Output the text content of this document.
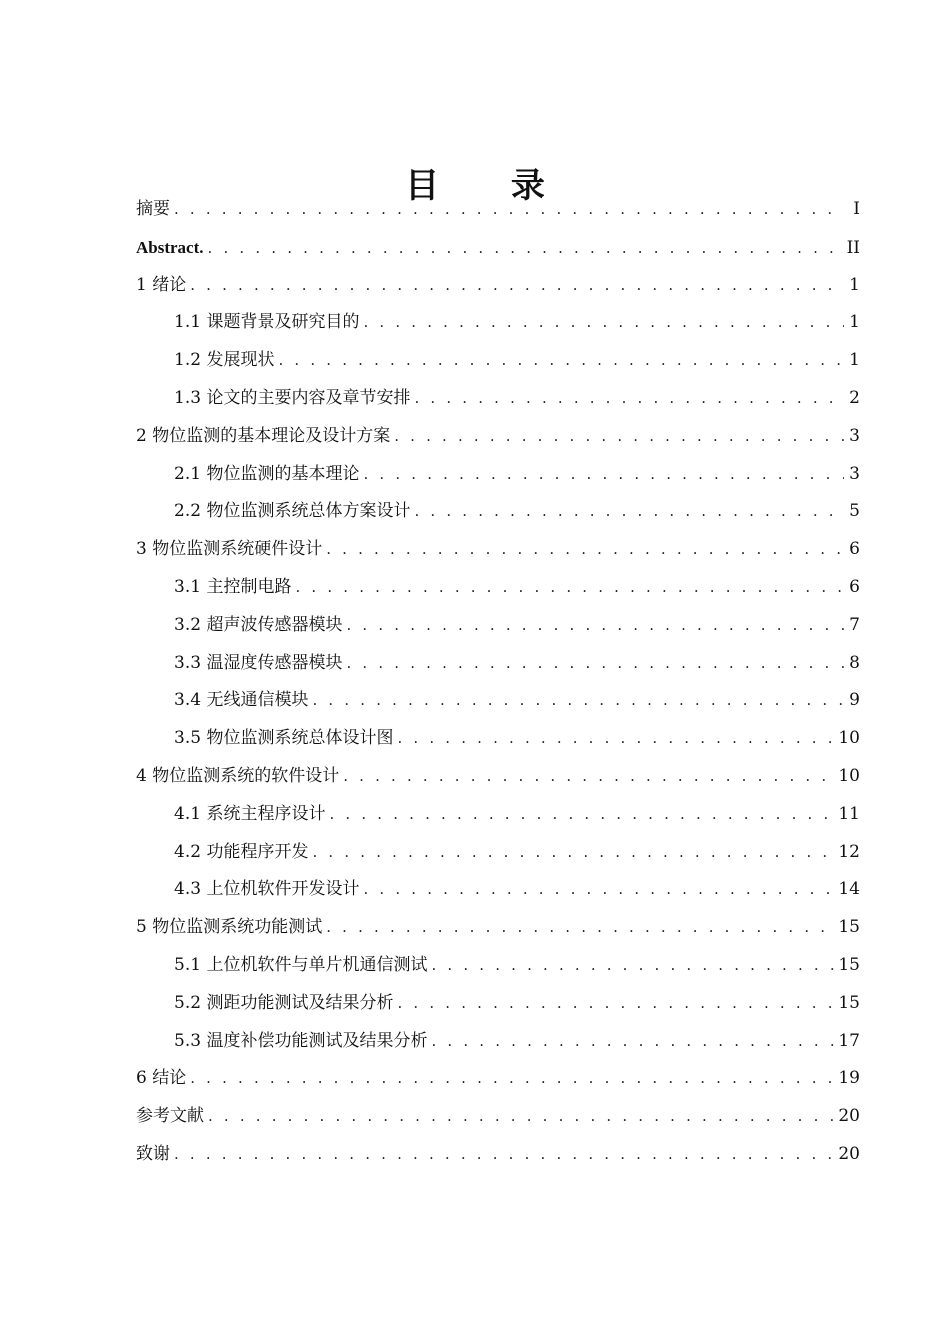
目 录
摘要 . . .	I
Abstract. . . .	II
1 绪论 . . .	1
1.1 课题背景及研究目的 . . .	1
1.2 发展现状 . . .	1
1.3 论文的主要内容及章节安排 . . .	2
2 物位监测的基本理论及设计方案 . . .	3
2.1 物位监测的基本理论 . . .	3
2.2 物位监测系统总体方案设计 . . .	5
3 物位监测系统硬件设计 . . .	6
3.1 主控制电路 . . .	6
3.2 超声波传感器模块 . . .	7
3.3 温湿度传感器模块 . . .	8
3.4 无线通信模块 . . .	9
3.5 物位监测系统总体设计图 . . .	10
4 物位监测系统的软件设计 . . .	10
4.1 系统主程序设计 . . .	11
4.2 功能程序开发 . . .	12
4.3 上位机软件开发设计 . . .	14
5 物位监测系统功能测试 . . .	15
5.1 上位机软件与单片机通信测试 . . .	15
5.2 测距功能测试及结果分析 . . .	15
5.3 温度补偿功能测试及结果分析 . . .	17
6 结论 . . .	19
参考文献 . . .	20
致谢 . . .	20
